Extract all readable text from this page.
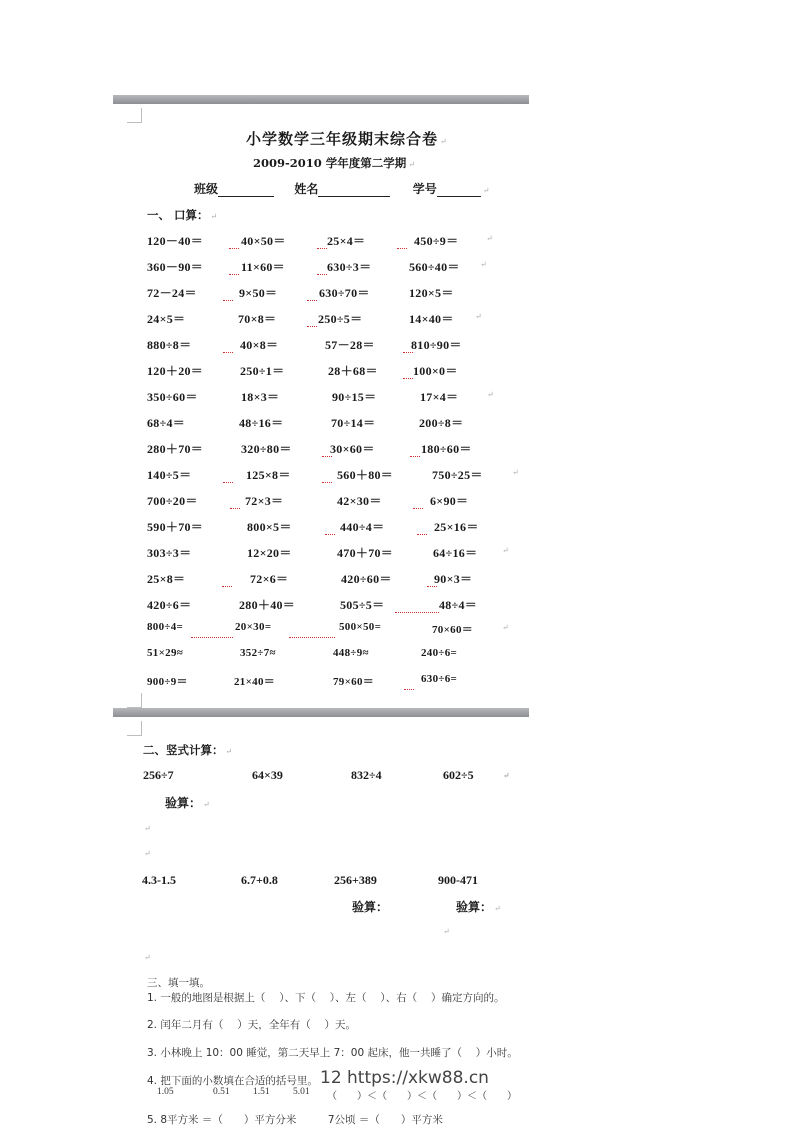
小学数学三年级期末综合卷 ↵
2009-2010 学年度第二学期 ↵
班级	姓名	学号	↵
一、 口算： ↵
120－40＝	40×50＝	25×4＝	450÷9＝	↵
360－90＝	11×60＝	630÷3＝	560÷40＝	↵
72－24＝	9×50＝	630÷70＝	120×5＝
24×5＝	70×8＝	250÷5＝	14×40＝	↵
880÷8＝	40×8＝	57－28＝	810÷90＝
120＋20＝	250÷1＝	28＋68＝	100×0＝
350÷60＝	18×3＝	90÷15＝	17×4＝	↵
68÷4＝	48÷16＝	70÷14＝	200÷8＝
280＋70＝	320÷80＝	30×60＝	180÷60＝
140÷5＝	125×8＝	560＋80＝	750÷25＝	↵
700÷20＝	72×3＝	42×30＝	6×90＝
590＋70＝	800×5＝	440÷4＝	25×16＝
303÷3＝	12×20＝	470＋70＝	64÷16＝	↵
25×8＝	72×6＝	420÷60＝	90×3＝
420÷6＝	280＋40＝	505÷5＝	48÷4＝
800÷4=	20×30=	500×50=	70×60＝	↵
51×29≈	352÷7≈	448÷9≈	240÷6=
900÷9＝	21×40＝	79×60＝	630÷6=
二、竖式计算： ↵
256÷7	64×39	832÷4	602÷5	↵
验算： ↵
↵
↵
4.3-1.5	6.7+0.8	256+389	900-471
验算：	验算： ↵
↵
↵
三、填一填。
1. 一般的地图是根据上（　 ）、下（　 ）、左（　 ）、右（　 ）确定方向的。
2. 闰年二月有（　 ）天，全年有（　 ）天。
3. 小林晚上 10：00 睡觉，第二天早上 7：00 起床，他一共睡了（　 ）小时。
4. 把下面的小数填在合适的括号里。
1.05	0.51 1.51 5.01 （　　）＜（　　）＜（　　）＜（　　）
5. 8平方米 ＝（　　）平方分米　　　7公顷 ＝（　　）平方米
12 https://xkw88.cn
